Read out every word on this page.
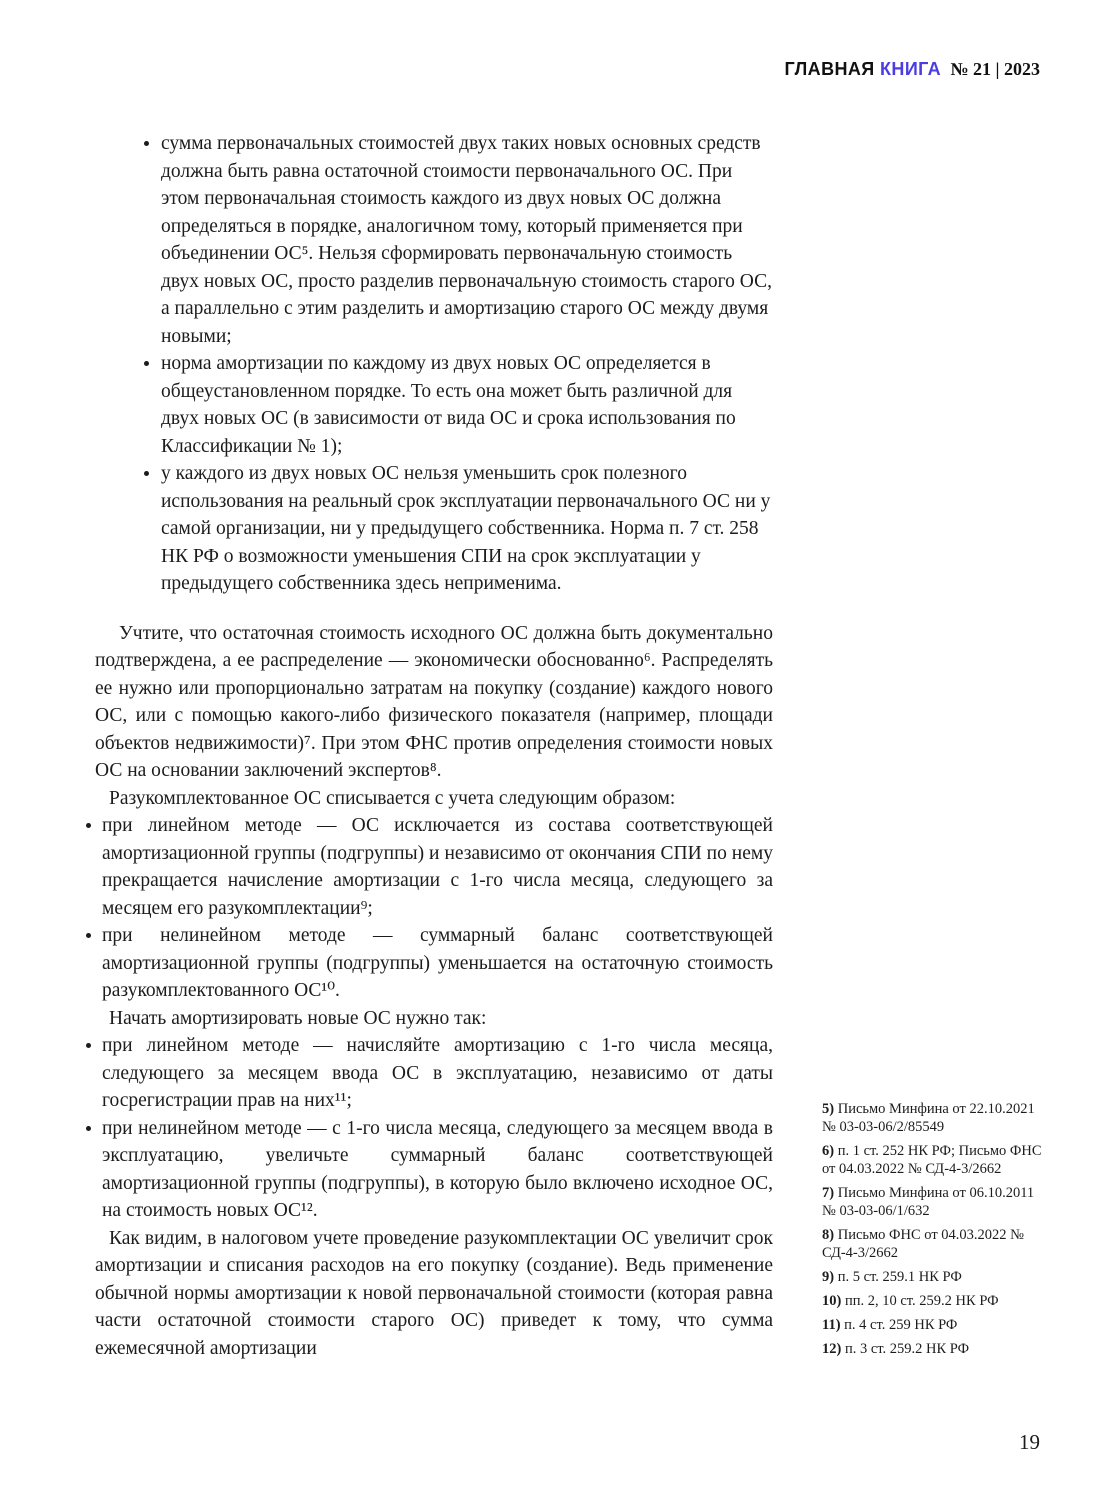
ГЛАВНАЯ КНИГА № 21 | 2023
сумма первоначальных стоимостей двух таких новых основных средств должна быть равна остаточной стоимости первоначального ОС. При этом первоначальная стоимость каждого из двух новых ОС должна определяться в порядке, аналогичном тому, который применяется при объединении ОС⁵. Нельзя сформировать первоначальную стоимость двух новых ОС, просто разделив первоначальную стоимость старого ОС, а параллельно с этим разделить и амортизацию старого ОС между двумя новыми;
норма амортизации по каждому из двух новых ОС определяется в общеустановленном порядке. То есть она может быть различной для двух новых ОС (в зависимости от вида ОС и срока использования по Классификации № 1);
у каждого из двух новых ОС нельзя уменьшить срок полезного использования на реальный срок эксплуатации первоначального ОС ни у самой организации, ни у предыдущего собственника. Норма п. 7 ст. 258 НК РФ о возможности уменьшения СПИ на срок эксплуатации у предыдущего собственника здесь неприменима.

Учтите, что остаточная стоимость исходного ОС должна быть документально подтверждена, а ее распределение — экономически обоснованно⁶. Распределять ее нужно или пропорционально затратам на покупку (создание) каждого нового ОС, или с помощью какого-либо физического показателя (например, площади объектов недвижимости)⁷. При этом ФНС против определения стоимости новых ОС на основании заключений экспертов⁸.

Разукомплектованное ОС списывается с учета следующим образом:

при линейном методе — ОС исключается из состава соответствующей амортизационной группы (подгруппы) и независимо от окончания СПИ по нему прекращается начисление амортизации с 1-го числа месяца, следующего за месяцем его разукомплектации⁹;
при нелинейном методе — суммарный баланс соответствующей амортизационной группы (подгруппы) уменьшается на остаточную стоимость разукомплектованного ОС¹⁰.

Начать амортизировать новые ОС нужно так:

при линейном методе — начисляйте амортизацию с 1-го числа месяца, следующего за месяцем ввода ОС в эксплуатацию, независимо от даты госрегистрации прав на них¹¹;
при нелинейном методе — с 1-го числа месяца, следующего за месяцем ввода в эксплуатацию, увеличьте суммарный баланс соответствующей амортизационной группы (подгруппы), в которую было включено исходное ОС, на стоимость новых ОС¹².

Как видим, в налоговом учете проведение разукомплектации ОС увеличит срок амортизации и списания расходов на его покупку (создание). Ведь применение обычной нормы амортизации к новой первоначальной стоимости (которая равна части остаточной стоимости старого ОС) приведет к тому, что сумма ежемесячной амортизации

5) Письмо Минфина от 22.10.2021 № 03-03-06/2/85549
6) п. 1 ст. 252 НК РФ; Письмо ФНС от 04.03.2022 № СД-4-3/2662
7) Письмо Минфина от 06.10.2011 № 03-03-06/1/632
8) Письмо ФНС от 04.03.2022 № СД-4-3/2662
9) п. 5 ст. 259.1 НК РФ
10) пп. 2, 10 ст. 259.2 НК РФ
11) п. 4 ст. 259 НК РФ
12) п. 3 ст. 259.2 НК РФ
19
